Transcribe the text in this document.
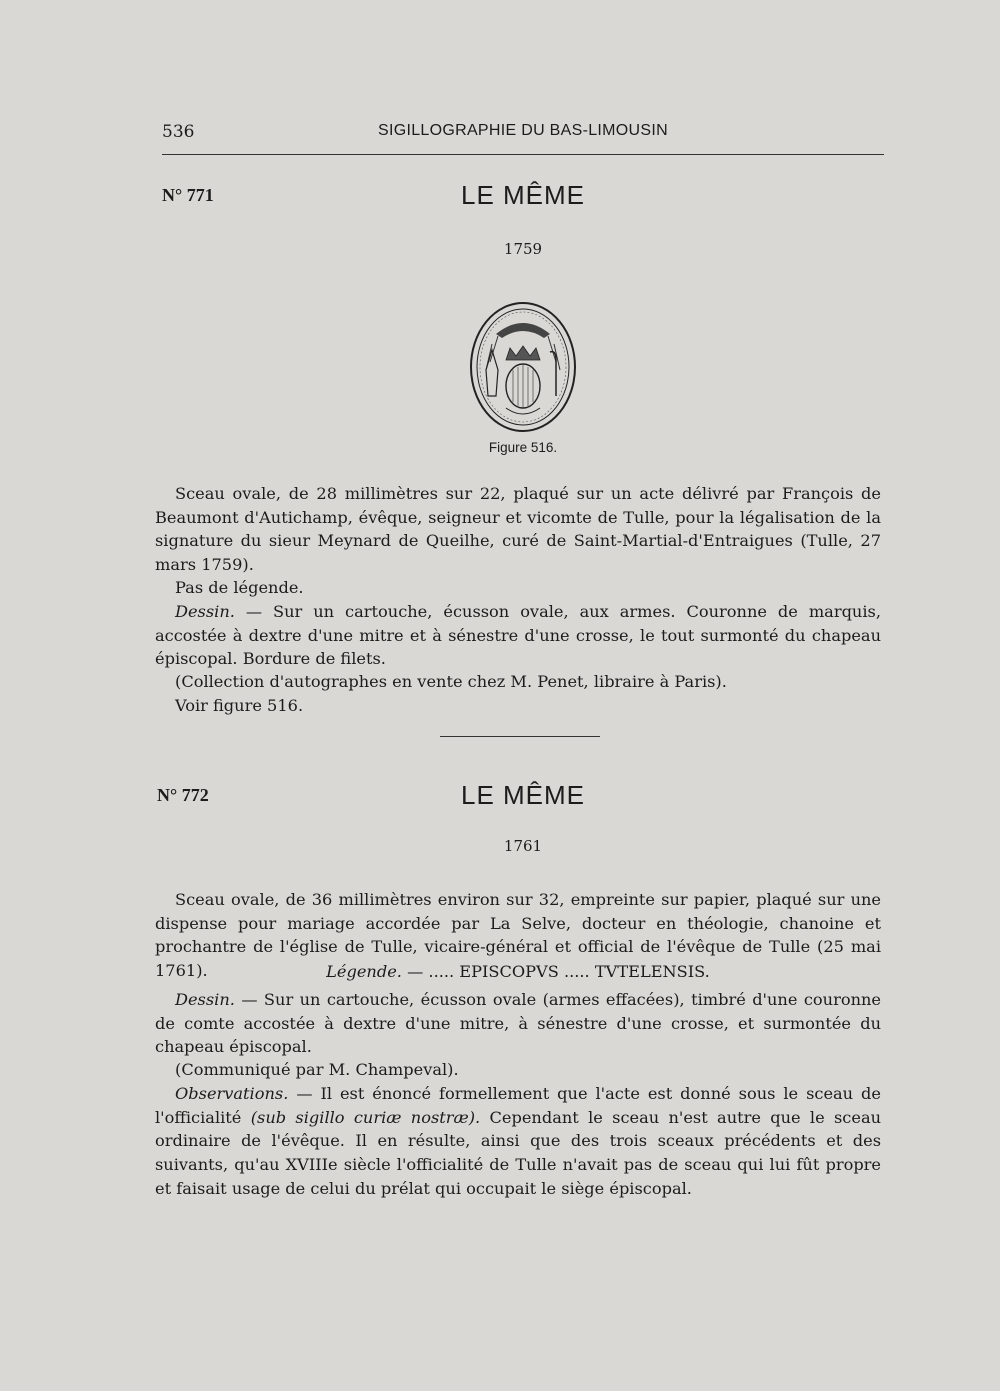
536	SIGILLOGRAPHIE DU BAS-LIMOUSIN
N° 771	LE MÊME
1759
Figure 516.

Sceau ovale, de 28 millimètres sur 22, plaqué sur un acte délivré par François de Beaumont d'Autichamp, évêque, seigneur et vicomte de Tulle, pour la légalisation de la signature du sieur Meynard de Queilhe, curé de Saint-Martial-d'Entraigues (Tulle, 27 mars 1759).

Pas de légende.

Dessin. — Sur un cartouche, écusson ovale, aux armes. Couronne de marquis, accostée à dextre d'une mitre et à sénestre d'une crosse, le tout surmonté du chapeau épiscopal. Bordure de filets.

(Collection d'autographes en vente chez M. Penet, libraire à Paris).

Voir figure 516.

N° 772	LE MÊME
1761

Sceau ovale, de 36 millimètres environ sur 32, empreinte sur papier, plaqué sur une dispense pour mariage accordée par La Selve, docteur en théologie, chanoine et prochantre de l'église de Tulle, vicaire-général et official de l'évêque de Tulle (25 mai 1761).	Légende. — ..... EPISCOPVS ..... TVTELENSIS.

Dessin. — Sur un cartouche, écusson ovale (armes effacées), timbré d'une couronne de comte accostée à dextre d'une mitre, à sénestre d'une crosse, et surmontée du chapeau épiscopal.

(Communiqué par M. Champeval).

Observations. — Il est énoncé formellement que l'acte est donné sous le sceau de l'officialité (sub sigillo curiæ nostræ). Cependant le sceau n'est autre que le sceau ordinaire de l'évêque. Il en résulte, ainsi que des trois sceaux précédents et des suivants, qu'au XVIIIe siècle l'officialité de Tulle n'avait pas de sceau qui lui fût propre et faisait usage de celui du prélat qui occupait le siège épiscopal.
